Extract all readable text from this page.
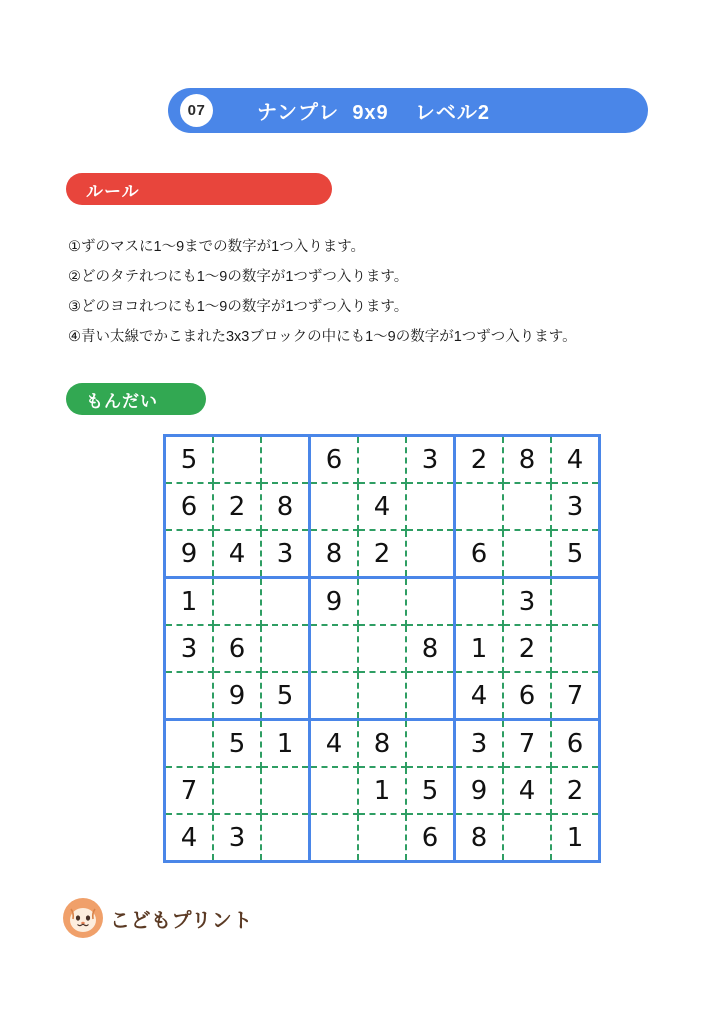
07	ナンプレ  9x9    レベル2
ルール
①ずのマスに1～9までの数字が1つ入ります。
②どのタテれつにも1～9の数字が1つずつ入ります。
③どのヨコれつにも1～9の数字が1つずつ入ります。
④青い太線でかこまれた3x3ブロックの中にも1～9の数字が1つずつ入ります。
もんだい
5			6		3	2	8	4
6	2	8		4				3
9	4	3	8	2		6		5
1			9				3	
3	6				8	1	2	
	9	5				4	6	7
	5	1	4	8		3	7	6
7				1	5	9	4	2
4	3				6	8		1
こどもプリント
